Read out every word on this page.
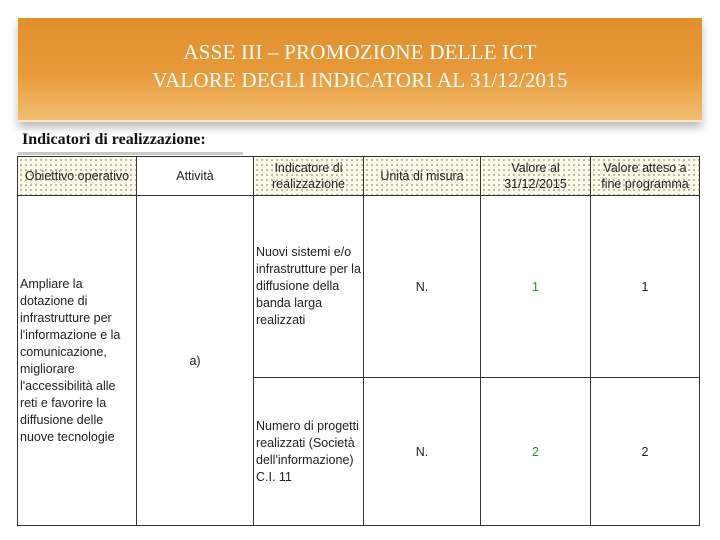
ASSE III – PROMOZIONE DELLE ICT
VALORE DEGLI INDICATORI AL 31/12/2015
Indicatori di realizzazione:
Obiettivo operativo	Attività	Indicatore di realizzazione	Unità di misura	Valore al 31/12/2015	Valore atteso a fine programma
Ampliare la dotazione di infrastrutture per l'informazione e la comunicazione, migliorare l'accessibilità alle reti e favorire la diffusione delle nuove tecnologie	a)	Nuovi sistemi e/o infrastrutture per la diffusione della banda larga realizzati	N.	1	1
		Numero di progetti realizzati (Società dell'informazione) C.I. 11	N.	2	2
